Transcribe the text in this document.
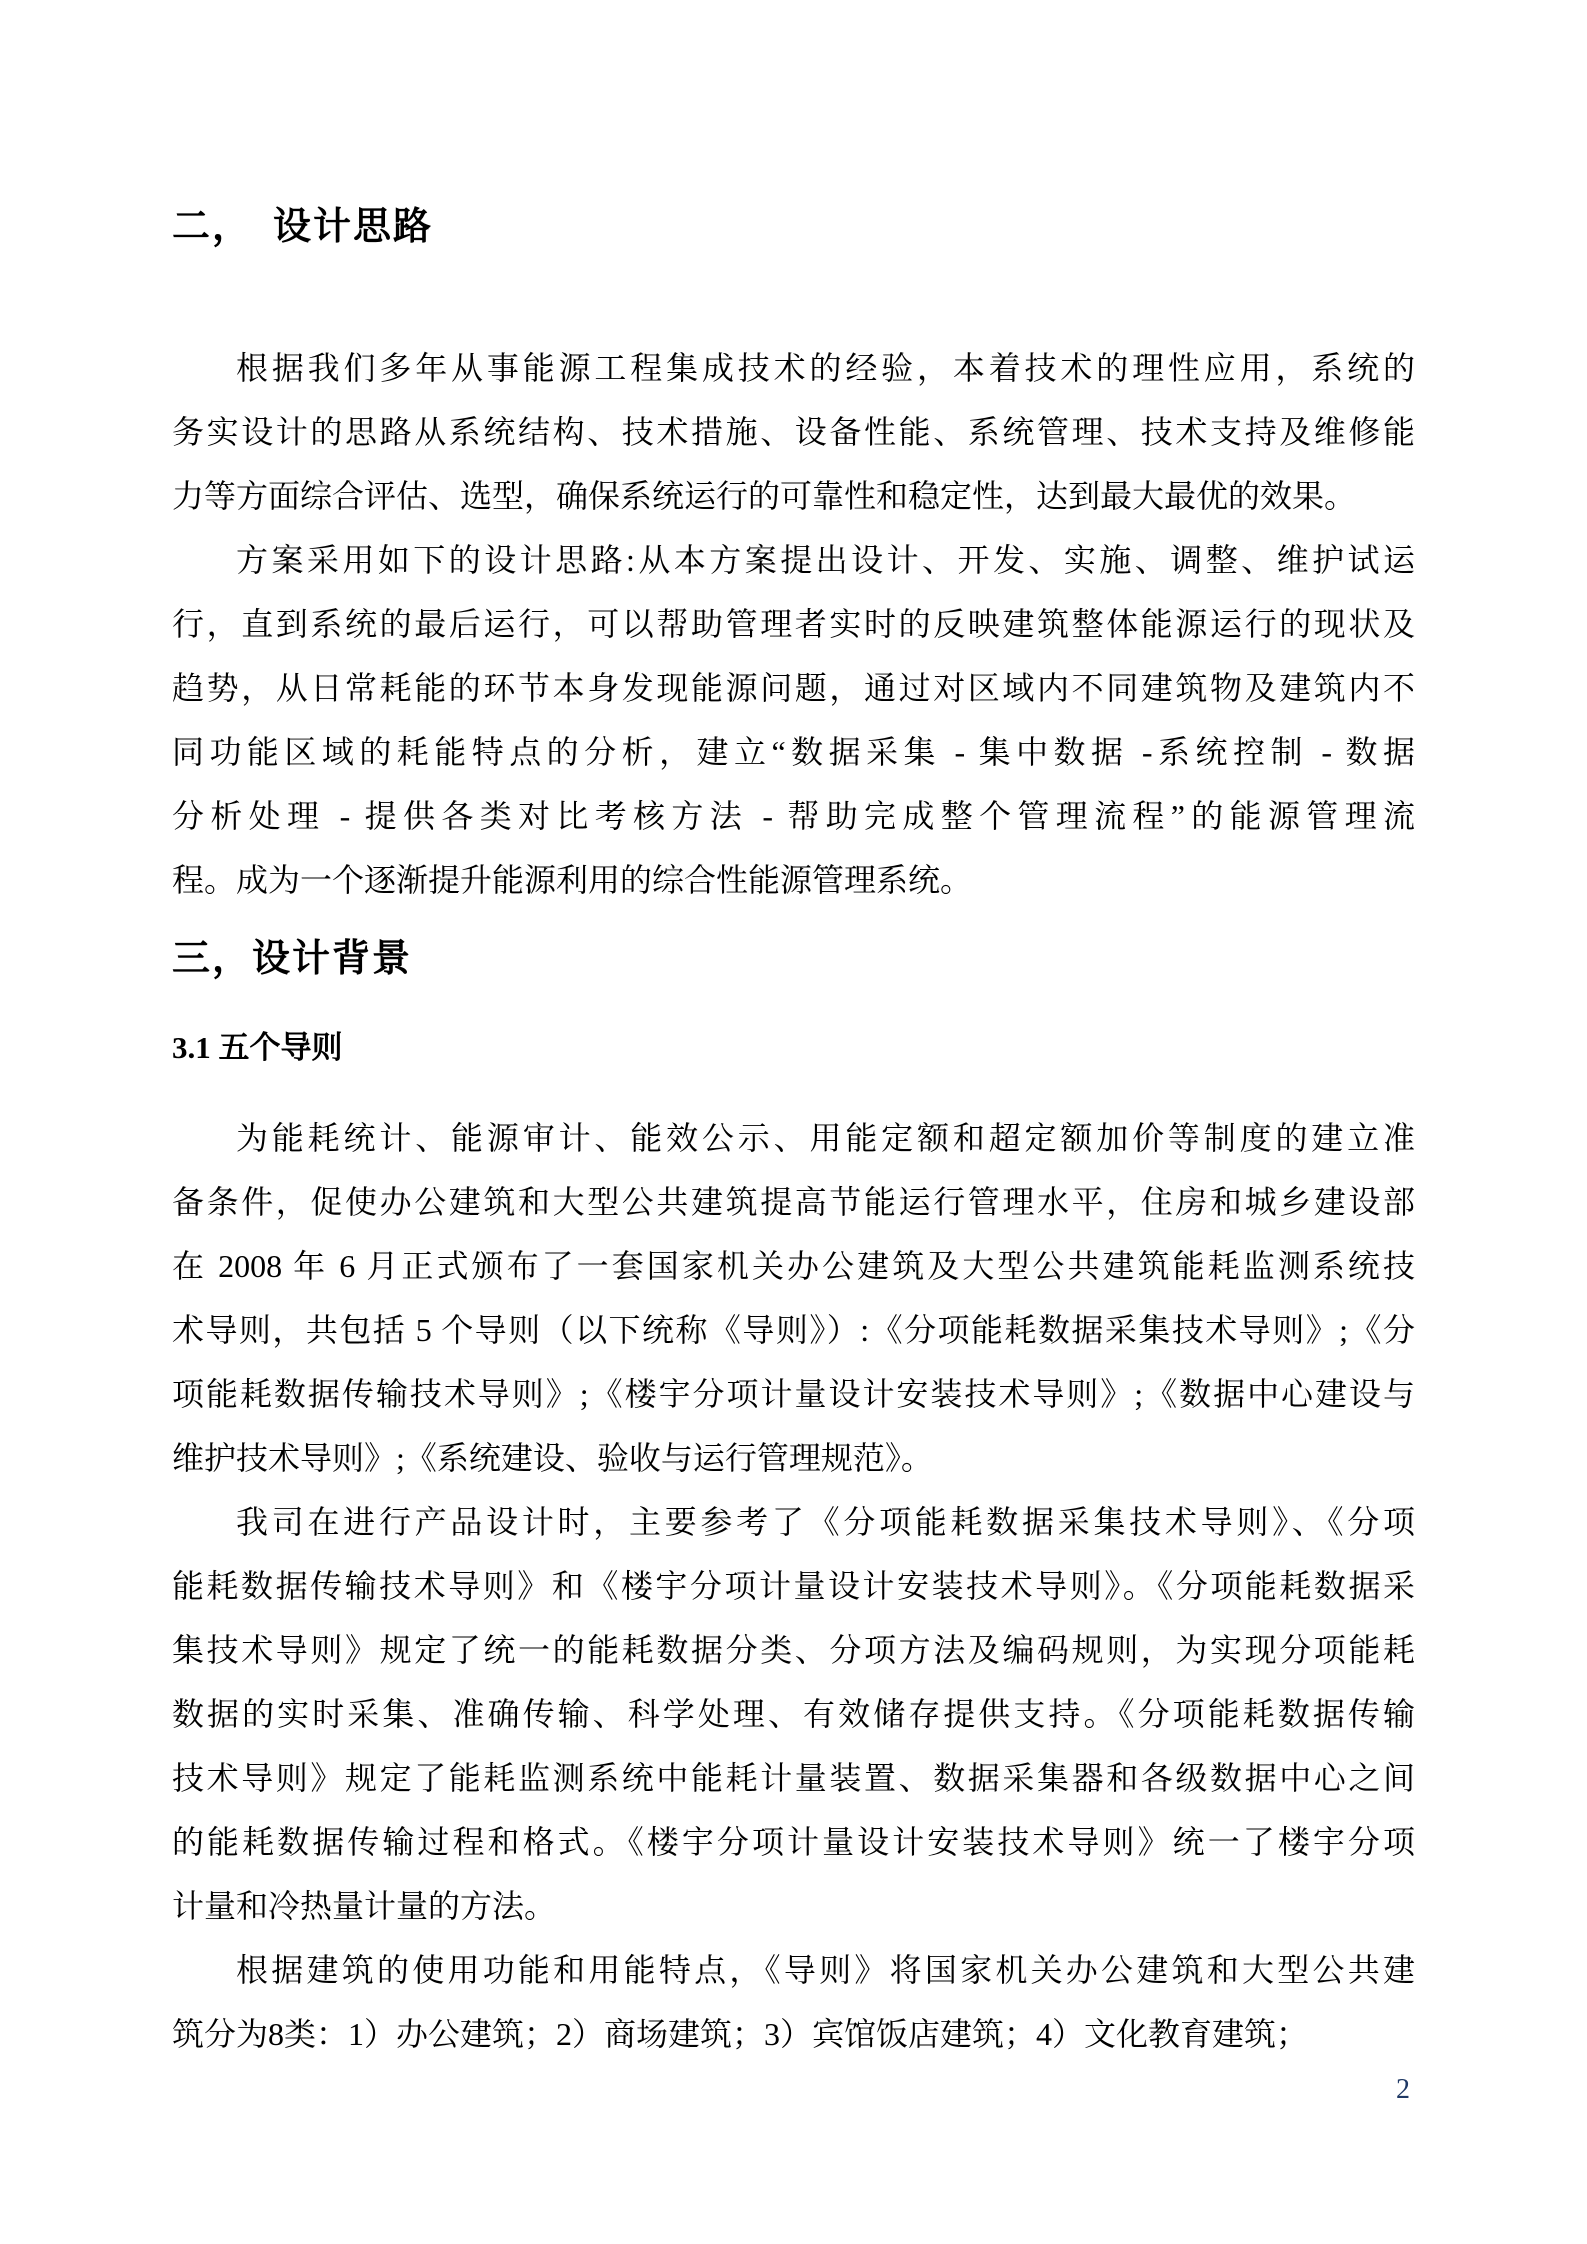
二，　设计思路
根据我们多年从事能源工程集成技术的经验，本着技术的理性应用，系统的
务实设计的思路从系统结构、技术措施、设备性能、系统管理、技术支持及维修能
力等方面综合评估、选型，确保系统运行的可靠性和稳定性，达到最大最优的效果。
方案采用如下的设计思路:从本方案提出设计、开发、实施、调整、维护试运
行，直到系统的最后运行，可以帮助管理者实时的反映建筑整体能源运行的现状及
趋势，从日常耗能的环节本身发现能源问题，通过对区域内不同建筑物及建筑内不
同功能区域的耗能特点的分析，建立“数据采集 - 集中数据 -系统控制 - 数据
分析处理 - 提供各类对比考核方法 - 帮助完成整个管理流程”的能源管理流
程。成为一个逐渐提升能源利用的综合性能源管理系统。
三，设计背景
3.1 五个导则
为能耗统计、能源审计、能效公示、用能定额和超定额加价等制度的建立准
备条件，促使办公建筑和大型公共建筑提高节能运行管理水平，住房和城乡建设部
在 2008 年 6 月正式颁布了一套国家机关办公建筑及大型公共建筑能耗监测系统技
术导则，共包括 5 个导则（以下统称《导则》）:《分项能耗数据采集技术导则》;《分
项能耗数据传输技术导则》;《楼宇分项计量设计安装技术导则》;《数据中心建设与
维护技术导则》;《系统建设、验收与运行管理规范》。
我司在进行产品设计时，主要参考了《分项能耗数据采集技术导则》、《分项
能耗数据传输技术导则》和《楼宇分项计量设计安装技术导则》。《分项能耗数据采
集技术导则》规定了统一的能耗数据分类、分项方法及编码规则，为实现分项能耗
数据的实时采集、准确传输、科学处理、有效储存提供支持。《分项能耗数据传输
技术导则》规定了能耗监测系统中能耗计量装置、数据采集器和各级数据中心之间
的能耗数据传输过程和格式。《楼宇分项计量设计安装技术导则》统一了楼宇分项
计量和冷热量计量的方法。
根据建筑的使用功能和用能特点，《导则》将国家机关办公建筑和大型公共建
筑分为8类：1）办公建筑；2）商场建筑；3）宾馆饭店建筑；4）文化教育建筑；
2
